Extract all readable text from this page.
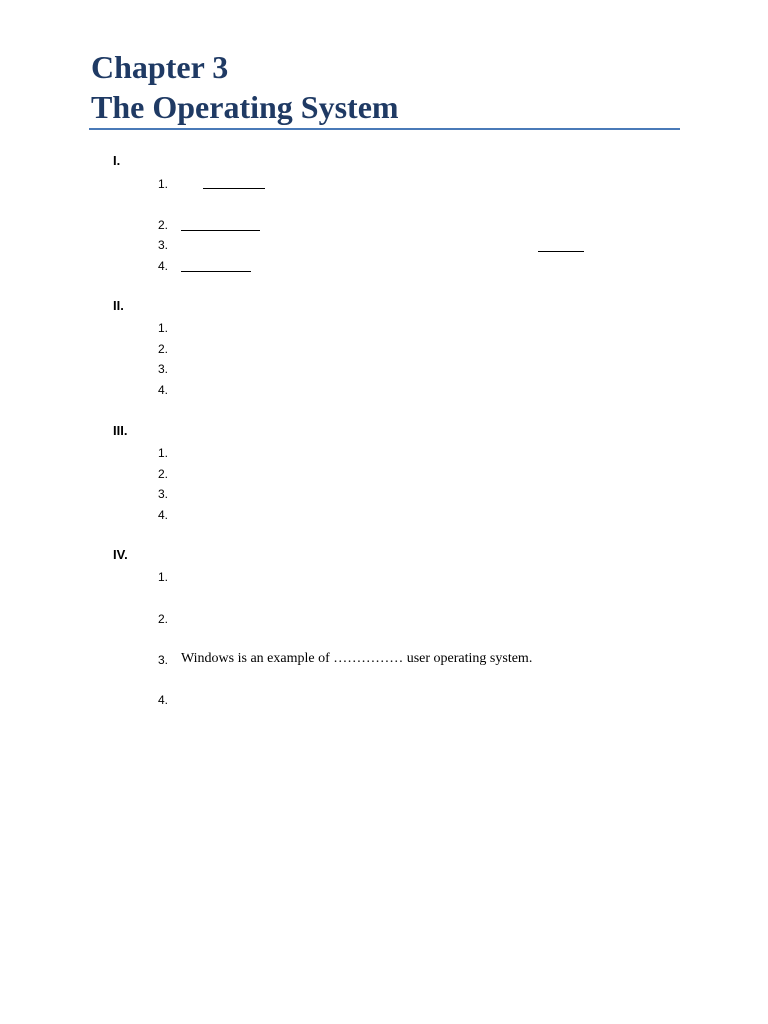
Chapter 3
The Operating System
I.
1.
2.
3.
4.
II.
1.
2.
3.
4.
III.
1.
2.
3.
4.
IV.
1.
2.
3. Windows is an example of …………… user operating system.
4.
